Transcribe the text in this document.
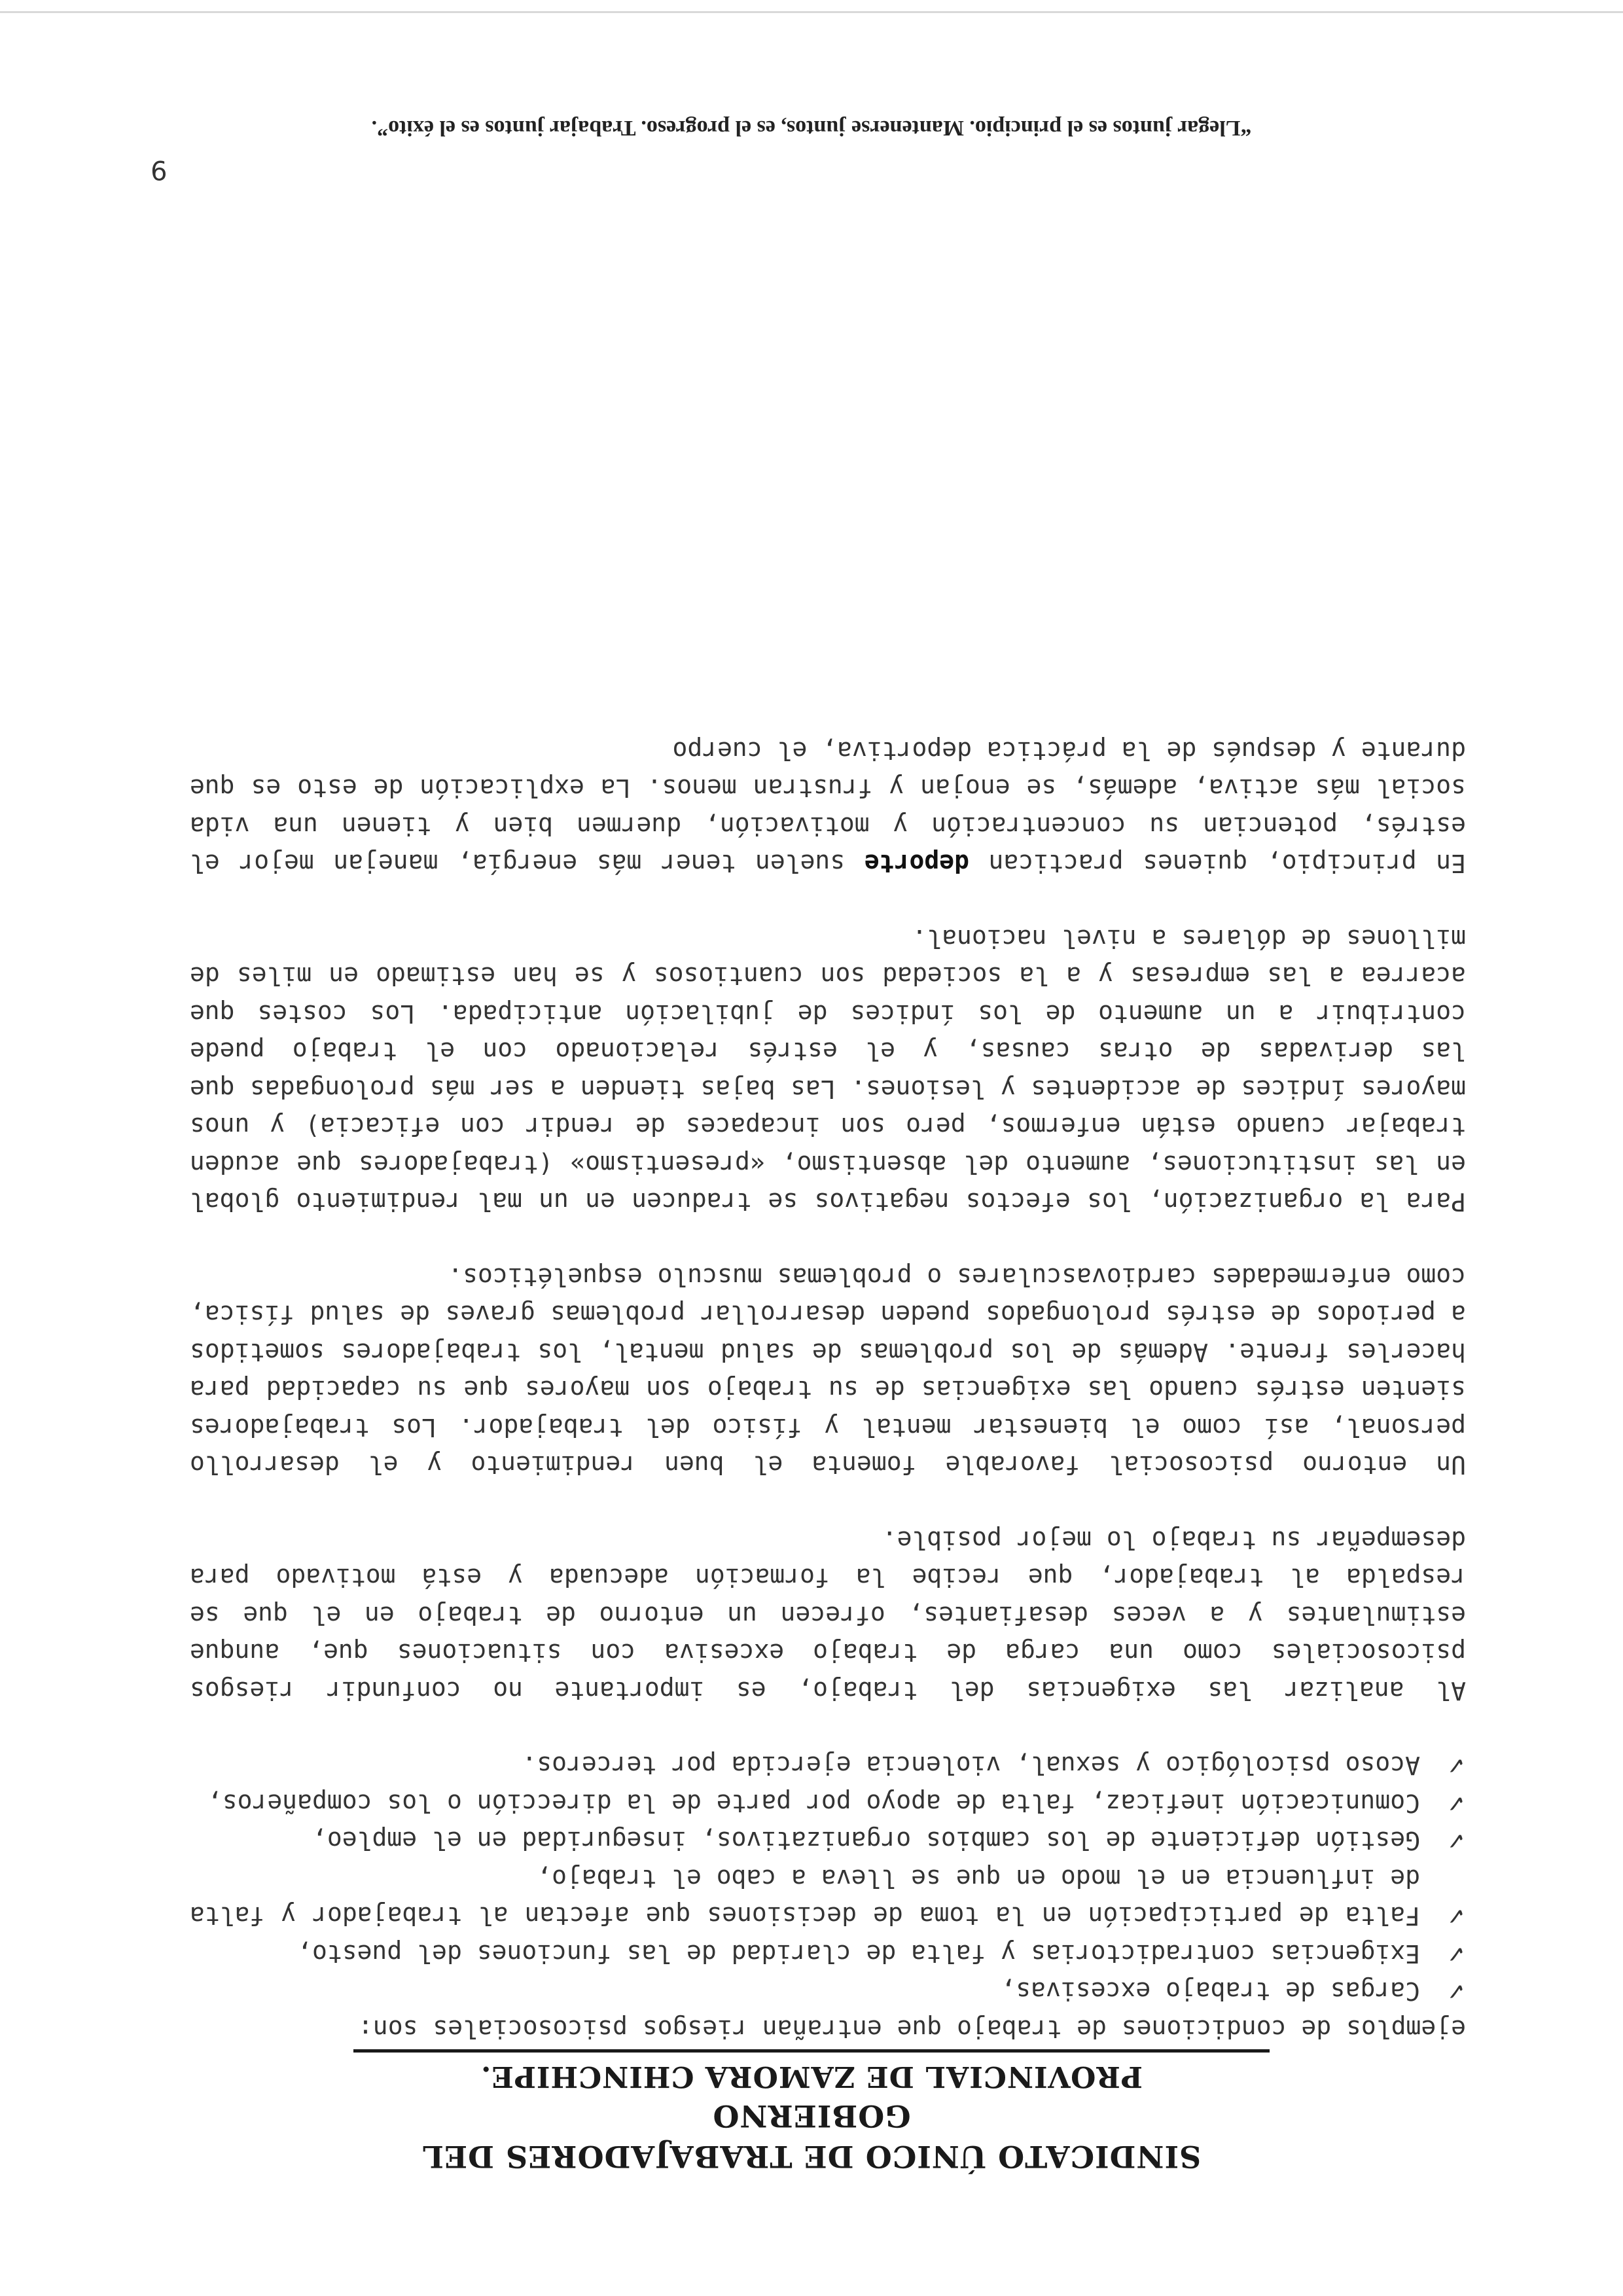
SINDICATO ÚNICO DE TRABAJADORES DEL GOBIERNO
PROVINCIAL DE ZAMORA CHINCHIPE.

ejemplos de condiciones de trabajo que entrañan riesgos psicosociales son:

✓
Cargas de trabajo excesivas,
✓
Exigencias contradictorias y falta de claridad de las funciones del puesto,
✓
Falta de participación en la toma de decisiones que afectan al trabajador y falta de influencia en el modo en que se lleva a cabo el trabajo,
✓
Gestión deficiente de los cambios organizativos, inseguridad en el empleo,
✓
Comunicación ineficaz, falta de apoyo por parte de la dirección o los compañeros,
✓
Acoso psicológico y sexual, violencia ejercida por terceros.

Al analizar las exigencias del trabajo, es importante no confundir riesgos psicosociales como una carga de trabajo excesiva con situaciones que, aunque estimulantes y a veces desafiantes, ofrecen un entorno de trabajo en el que se respalda al trabajador, que recibe la formación adecuada y está motivado para desempeñar su trabajo lo mejor posible.

Un entorno psicosocial favorable fomenta el buen rendimiento y el desarrollo personal, así como el bienestar mental y físico del trabajador. Los trabajadores sienten estrés cuando las exigencias de su trabajo son mayores que su capacidad para hacerles frente. Además de los problemas de salud mental, los trabajadores sometidos a periodos de estrés prolongados pueden desarrollar problemas graves de salud física, como enfermedades cardiovasculares o problemas musculo esqueléticos.

Para la organización, los efectos negativos se traducen en un mal rendimiento global en las instituciones, aumento del absentismo, «presentismo» (trabajadores que acuden trabajar cuando están enfermos, pero son incapaces de rendir con eficacia) y unos mayores índices de accidentes y lesiones. Las bajas tienden a ser más prolongadas que las derivadas de otras causas, y el estrés relacionado con el trabajo puede contribuir a un aumento de los índices de jubilación anticipada. Los costes que acarrea a las empresas y a la sociedad son cuantiosos y se han estimado en miles de millones de dólares a nivel nacional.

En principio, quienes practican deporte suelen tener más energía, manejan mejor el estrés, potencian su concentración y motivación, duermen bien y tienen una vida social más activa, además, se enojan y frustran menos. La explicación de esto es que durante y después de la práctica deportiva, el cuerpo

9
“Llegar juntos es el principio. Mantenerse juntos, es el progreso. Trabajar juntos es el éxito”.
